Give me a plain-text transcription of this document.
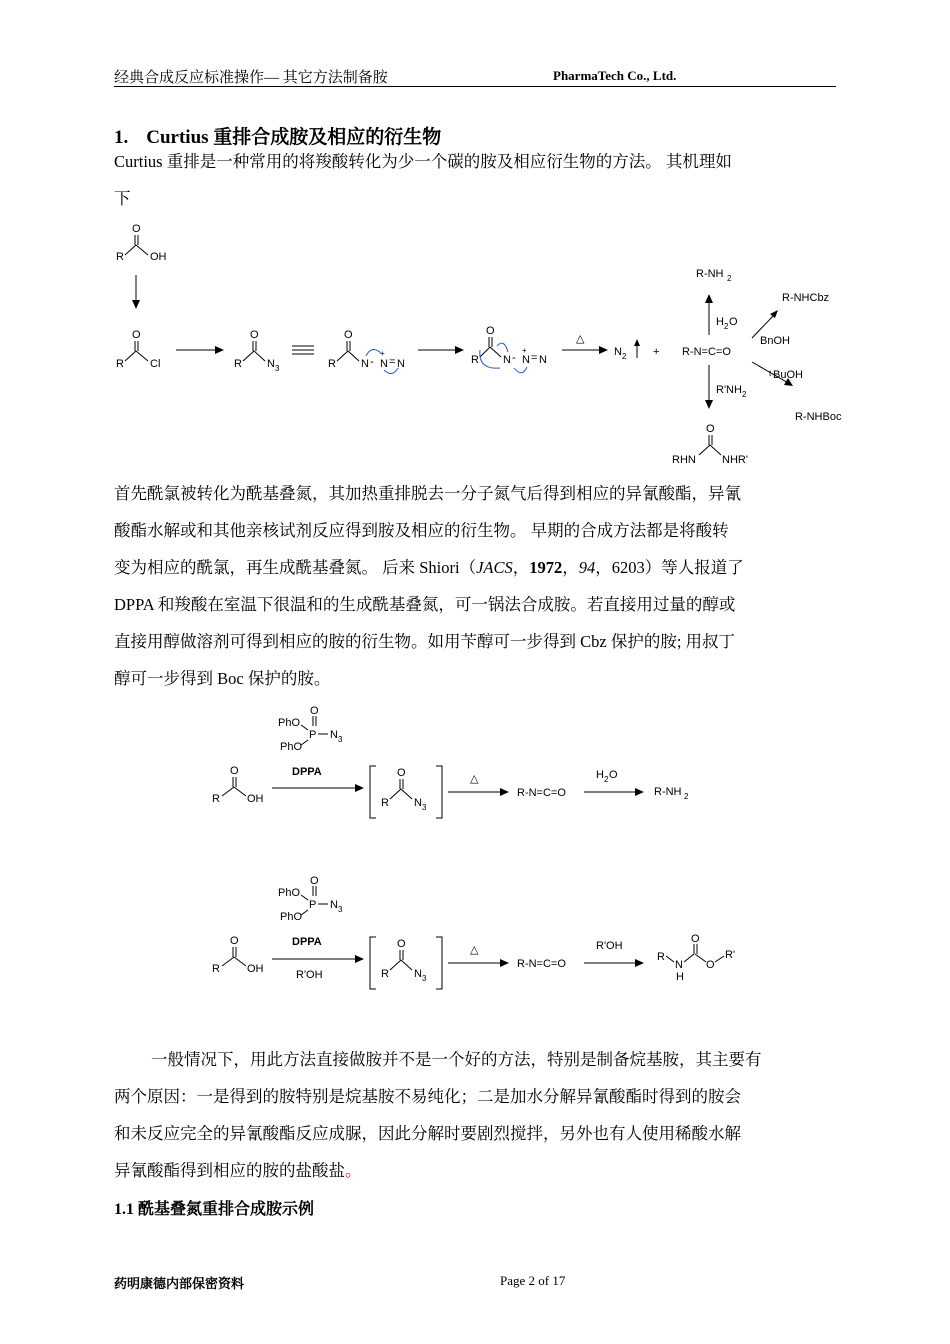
经典合成反应标准操作— 其它方法制备胺	PharmaTech Co., Ltd.
1. Curtius 重排合成胺及相应的衍生物
Curtius 重排是一种常用的将羧酸转化为少一个碳的胺及相应衍生物的方法。 其机理如
下
O
R OH
O
R Cl
O
R N 3
O
R N -
+
N = N
O
R N -
+
N = N
△
N 2 + R-N=C=O
R-NH 2
H 2 O
BnOH
R-NHCbz
t BuOH
R-NHBoc
R'NH 2
O
RHN NHR'
首先酰氯被转化为酰基叠氮，其加热重排脱去一分子氮气后得到相应的异氰酸酯，异氰
酸酯水解或和其他亲核试剂反应得到胺及相应的衍生物。 早期的合成方法都是将酸转
变为相应的酰氯，再生成酰基叠氮。 后来 Shiori（JACS，1972，94，6203）等人报道了
DPPA 和羧酸在室温下很温和的生成酰基叠氮，可一锅法合成胺。若直接用过量的醇或
直接用醇做溶剂可得到相应的胺的衍生物。如用苄醇可一步得到 Cbz 保护的胺; 用叔丁
醇可一步得到 Boc 保护的胺。
O
PhO
P N 3
PhO
O
R OH
DPPA	O
R N 3
△
R-N=C=O
H 2 O
R-NH 2
O
PhO
P N 3
PhO
O
R OH
DPPA
R'OH
O
R N 3
△
R-N=C=O
R'OH
R
N
H
O
O
R'
一般情况下，用此方法直接做胺并不是一个好的方法，特别是制备烷基胺，其主要有
两个原因：一是得到的胺特别是烷基胺不易纯化；二是加水分解异氰酸酯时得到的胺会
和未反应完全的异氰酸酯反应成脲，因此分解时要剧烈搅拌，另外也有人使用稀酸水解
异氰酸酯得到相应的胺的盐酸盐。
1.1 酰基叠氮重排合成胺示例
药明康德内部保密资料	Page 2 of 17
